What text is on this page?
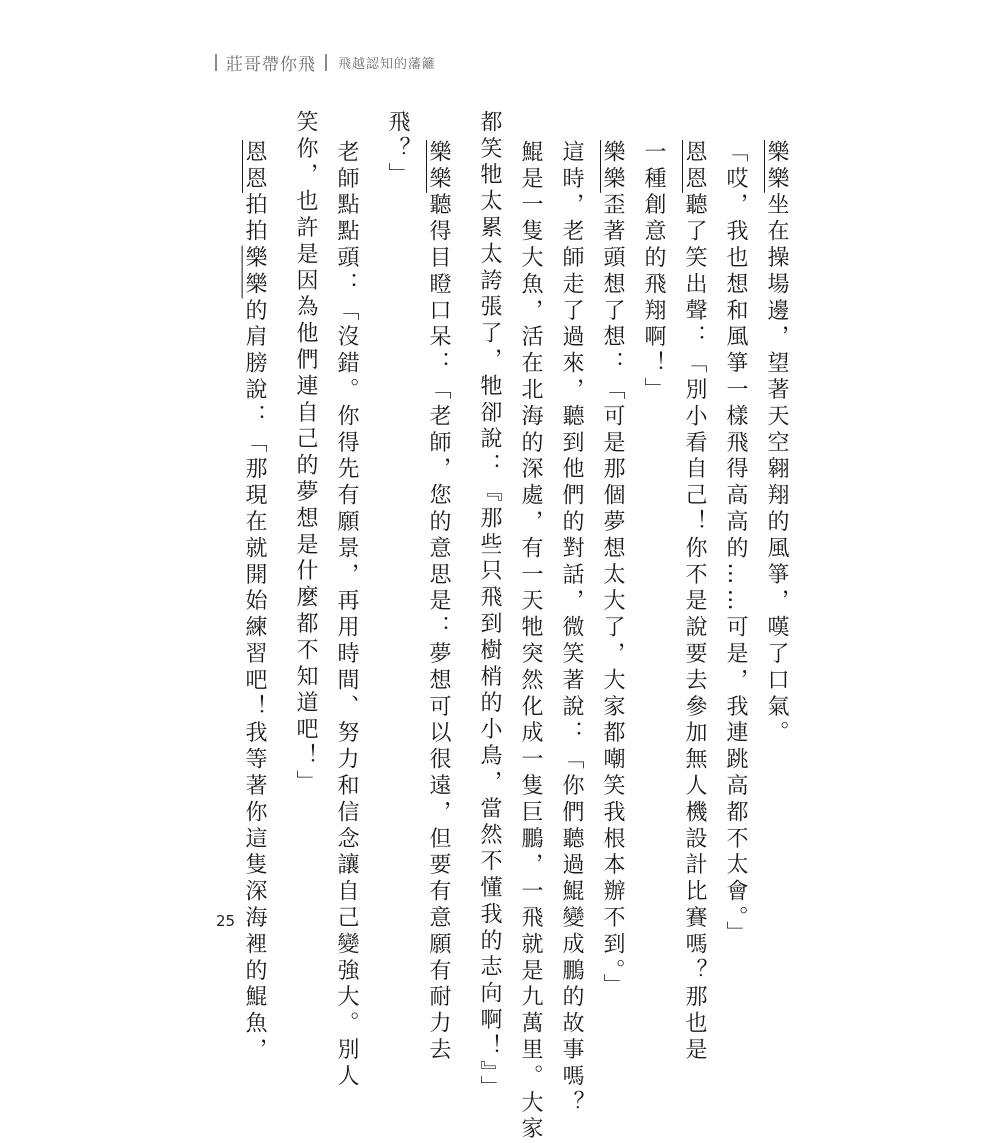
莊哥帶你飛 飛越認知的藩籬
樂樂坐在操場邊，望著天空翱翔的風箏，嘆了口氣。
「哎，我也想和風箏一樣飛得高高的……可是，我連跳高都不太會。」
恩恩聽了笑出聲：「別小看自己！你不是說要去參加無人機設計比賽嗎？那也是
一種創意的飛翔啊！」
樂樂歪著頭想了想：「可是那個夢想太大了，大家都嘲笑我根本辦不到。」
這時，老師走了過來，聽到他們的對話，微笑著說：「你們聽過鯤變成鵬的故事嗎？
鯤是一隻大魚，活在北海的深處，有一天牠突然化成一隻巨鵬，一飛就是九萬里。大家
都笑牠太累太誇張了，牠卻說：『那些只飛到樹梢的小鳥，當然不懂我的志向啊！』」
樂樂聽得目瞪口呆：「老師，您的意思是：夢想可以很遠，但要有意願有耐力去
飛？」
老師點點頭：「沒錯。你得先有願景，再用時間、努力和信念讓自己變強大。別人
笑你，也許是因為他們連自己的夢想是什麼都不知道吧！」
恩恩拍拍樂樂的肩膀說：「那現在就開始練習吧！我等著你這隻深海裡的鯤魚，
25
